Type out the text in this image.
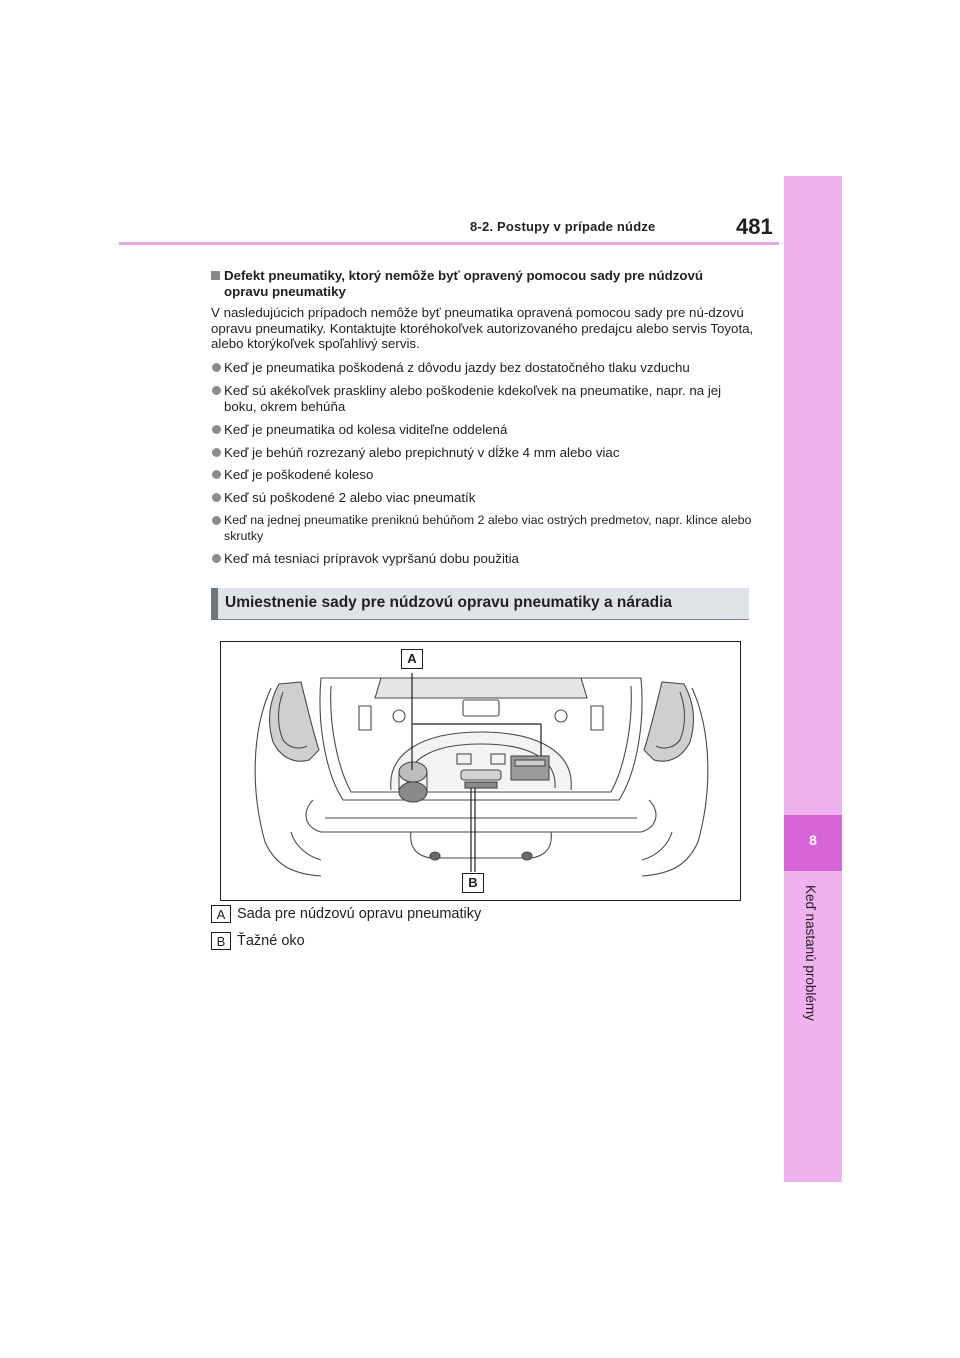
8-2. Postupy v prípade núdze	481
8
Keď nastanú problémy
Defekt pneumatiky, ktorý nemôže byť opravený pomocou sady pre núdzovú opravu pneumatiky
V nasledujúcich prípadoch nemôže byť pneumatika opravená pomocou sady pre nú-dzovú opravu pneumatiky. Kontaktujte ktoréhokoľvek autorizovaného predajcu alebo servis Toyota, alebo ktorýkoľvek spoľahlivý servis.
Keď je pneumatika poškodená z dôvodu jazdy bez dostatočného tlaku vzduchu
Keď sú akékoľvek praskliny alebo poškodenie kdekoľvek na pneumatike, napr. na jej boku, okrem behúňa
Keď je pneumatika od kolesa viditeľne oddelená
Keď je behúň rozrezaný alebo prepichnutý v dĺžke 4 mm alebo viac
Keď je poškodené koleso
Keď sú poškodené 2 alebo viac pneumatík
Keď na jednej pneumatike preniknú behúňom 2 alebo viac ostrých predmetov, napr. klince alebo skrutky
Keď má tesniaci prípravok vypršanú dobu použitia
Umiestnenie sady pre núdzovú opravu pneumatiky a náradia
A
B
A Sada pre núdzovú opravu pneumatiky
B Ťažné oko
